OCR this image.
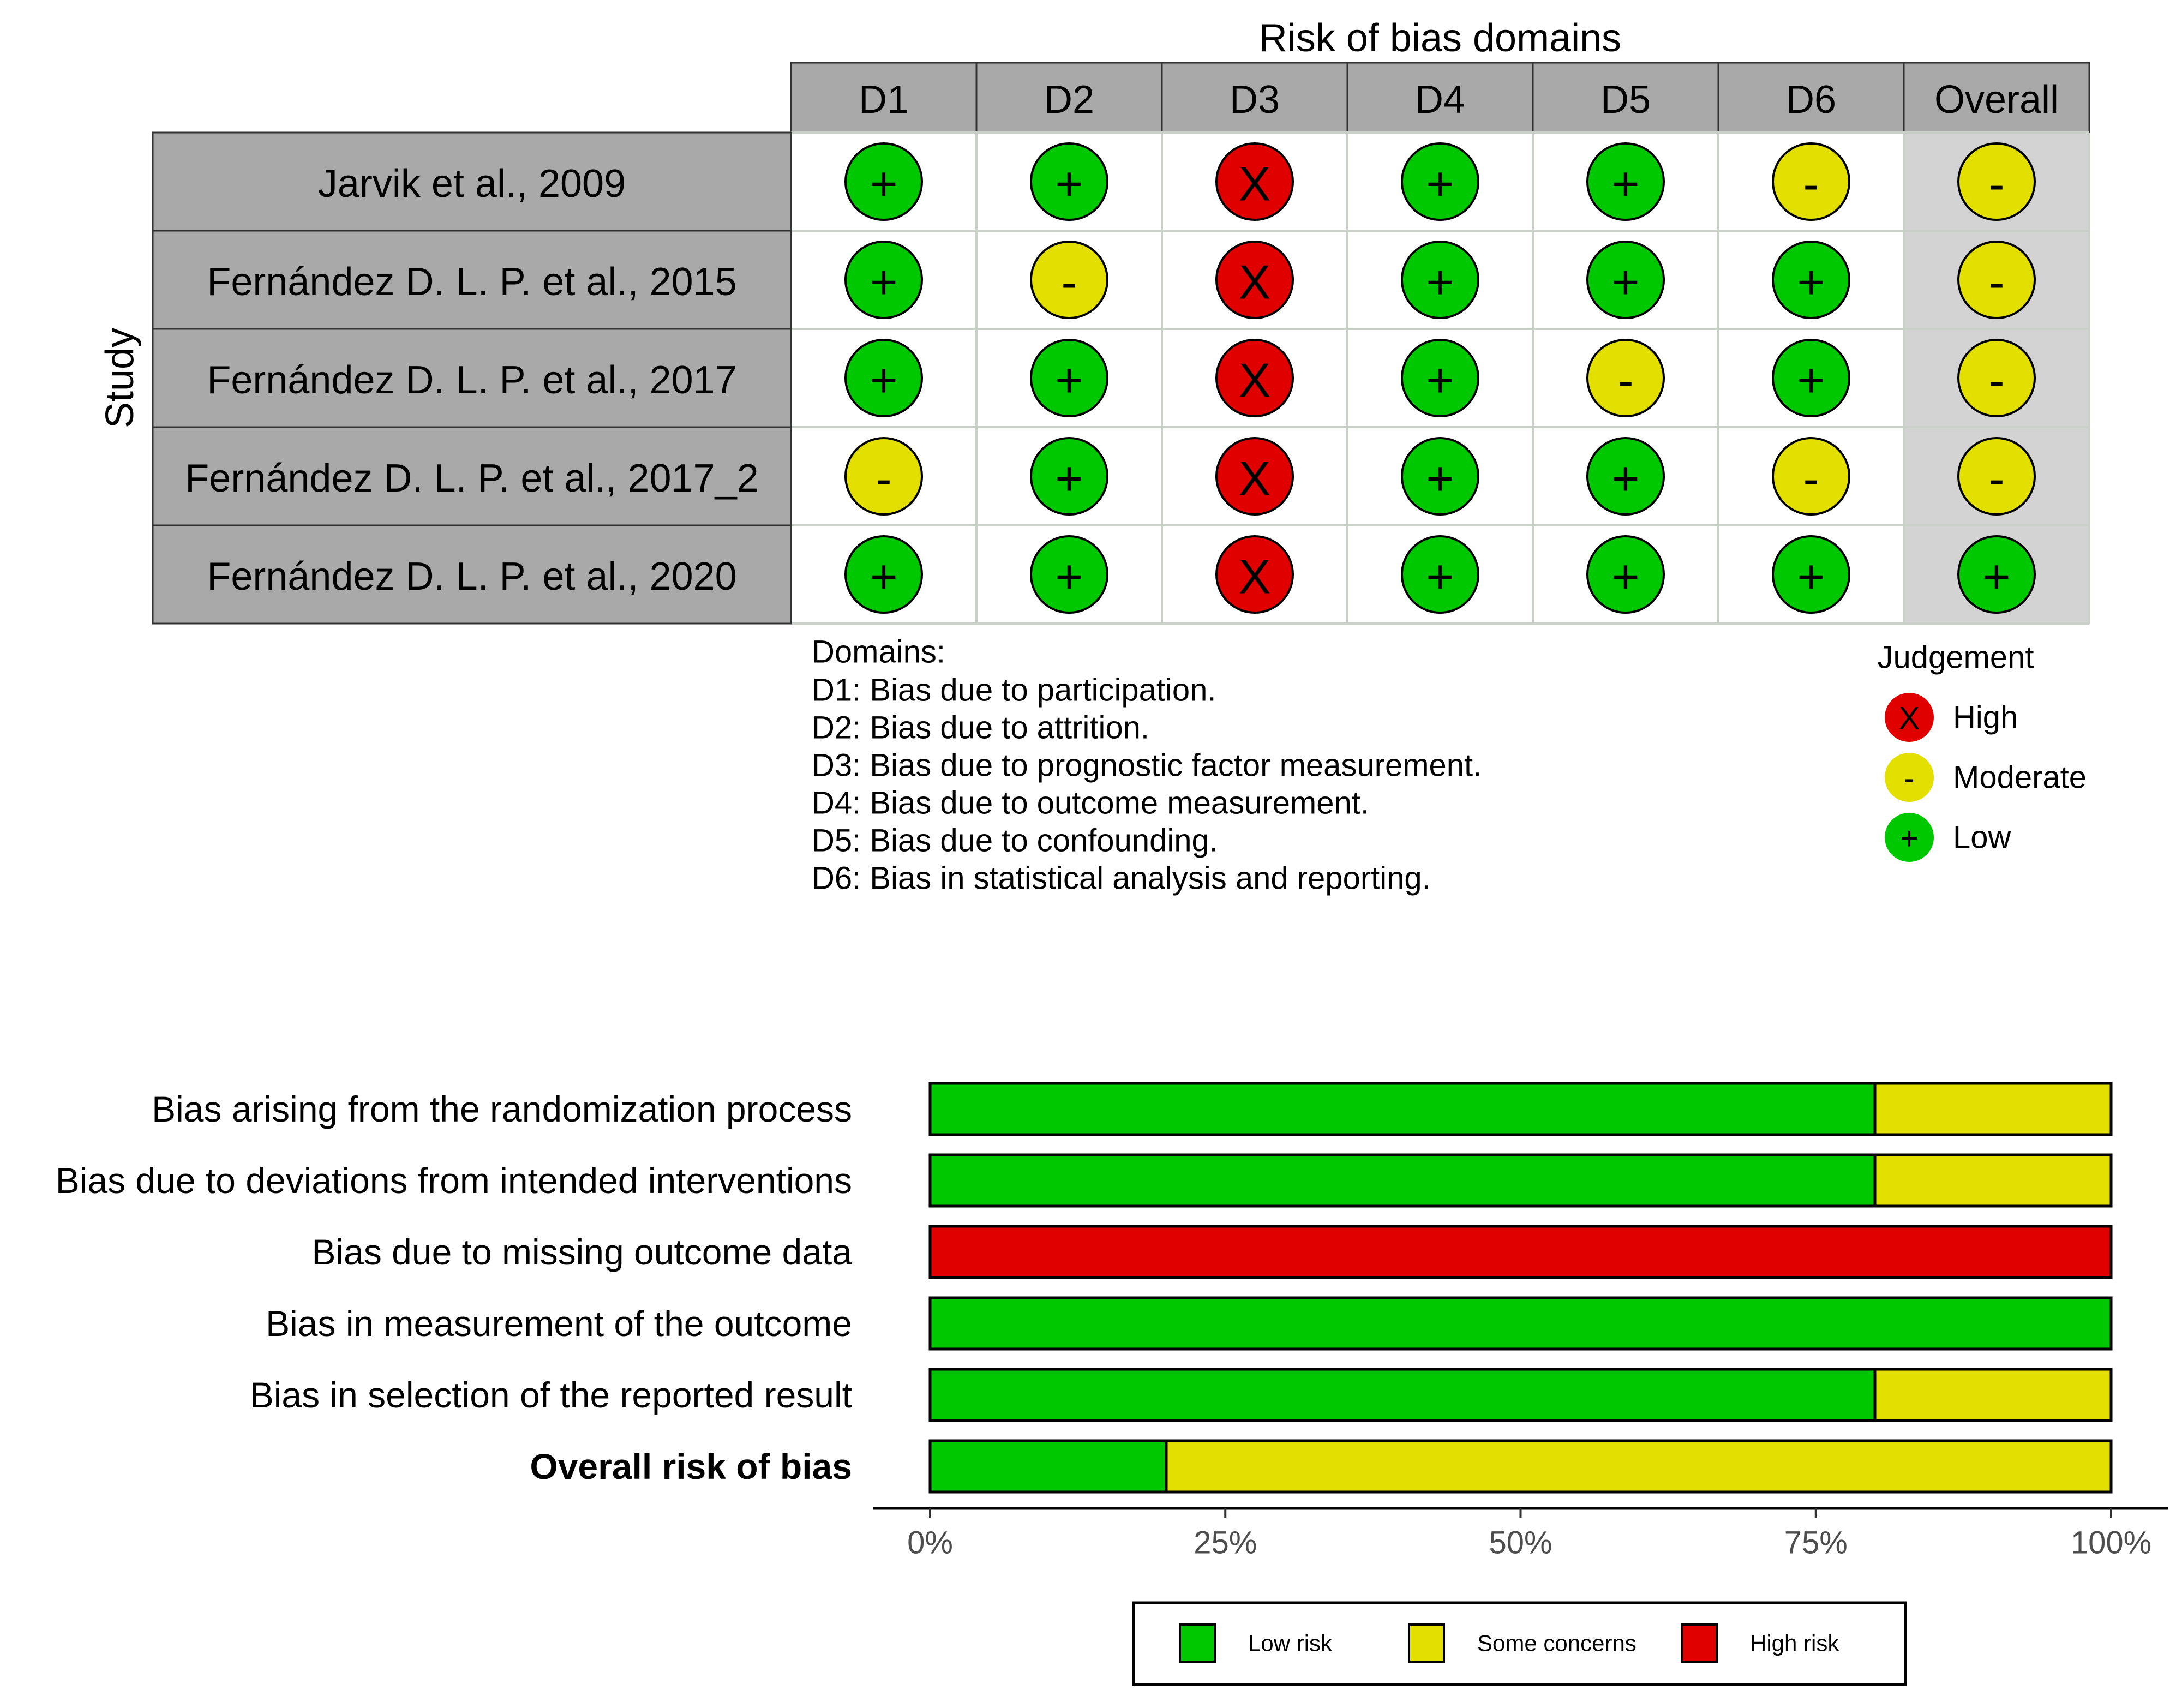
Risk of bias domains
Study
D1	D2	D3	D4	D5	D6 Overall
Jarvik et al., 2009	+	+	X	+	+	-	-
Fernández D. L. P. et al., 2015	+	-	X	+	+	+	-
Fernández D. L. P. et al., 2017	+	+	X	+	-	+	-
Fernández D. L. P. et al., 2017_2 -	+	X	+	+	-	-
Fernández D. L. P. et al., 2020	+	+	X	+	+	+	+
Domains:
D1: Bias due to participation.
D2: Bias due to attrition.
D3: Bias due to prognostic factor measurement.
D4: Bias due to outcome measurement.
D5: Bias due to confounding.
D6: Bias in statistical analysis and reporting.
Judgement
X High
- Moderate
+ Low
Bias arising from the randomization process
Bias due to deviations from intended interventions
Bias due to missing outcome data
Bias in measurement of the outcome
Bias in selection of the reported result
Overall risk of bias
0%	25%	50%	75%	100%
Low risk	Some concerns	High risk
